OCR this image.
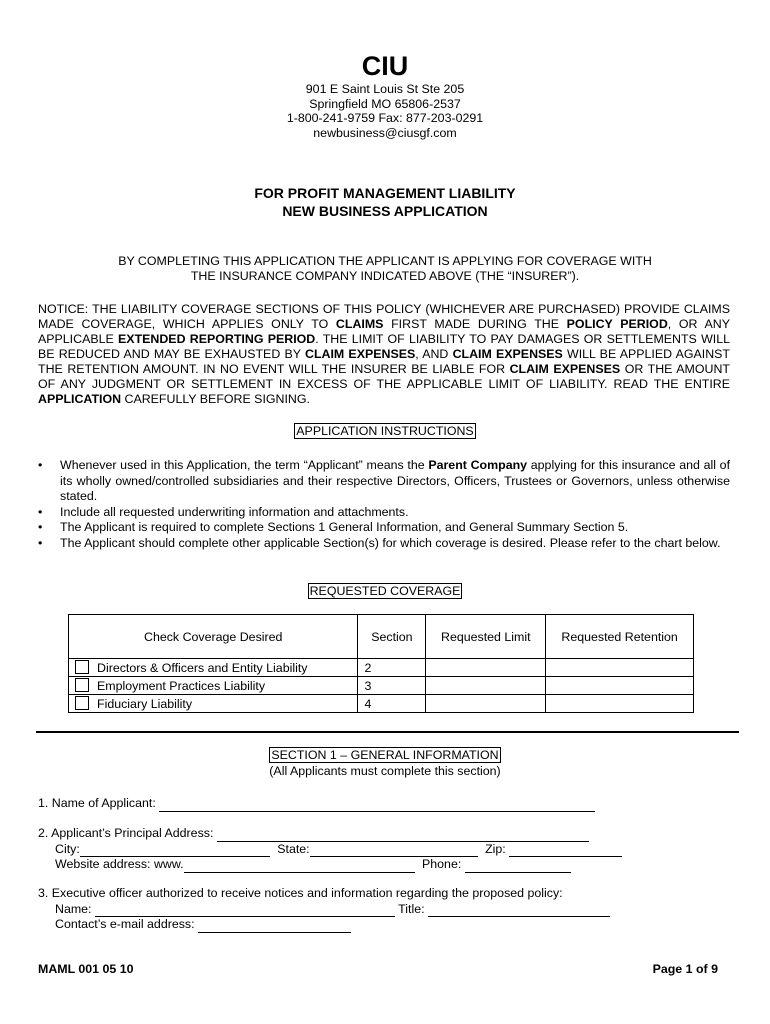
CIU
901 E Saint Louis St Ste 205
Springfield MO 65806-2537
1-800-241-9759 Fax: 877-203-0291
newbusiness@ciusgf.com
FOR PROFIT MANAGEMENT LIABILITY
NEW BUSINESS APPLICATION
BY COMPLETING THIS APPLICATION THE APPLICANT IS APPLYING FOR COVERAGE WITH
THE INSURANCE COMPANY INDICATED ABOVE (THE “INSURER”).
NOTICE: THE LIABILITY COVERAGE SECTIONS OF THIS POLICY (WHICHEVER ARE PURCHASED) PROVIDE CLAIMS MADE COVERAGE, WHICH APPLIES ONLY TO CLAIMS FIRST MADE DURING THE POLICY PERIOD, OR ANY APPLICABLE EXTENDED REPORTING PERIOD. THE LIMIT OF LIABILITY TO PAY DAMAGES OR SETTLEMENTS WILL BE REDUCED AND MAY BE EXHAUSTED BY CLAIM EXPENSES, AND CLAIM EXPENSES WILL BE APPLIED AGAINST THE RETENTION AMOUNT. IN NO EVENT WILL THE INSURER BE LIABLE FOR CLAIM EXPENSES OR THE AMOUNT OF ANY JUDGMENT OR SETTLEMENT IN EXCESS OF THE APPLICABLE LIMIT OF LIABILITY. READ THE ENTIRE APPLICATION CAREFULLY BEFORE SIGNING.
APPLICATION INSTRUCTIONS
• Whenever used in this Application, the term “Applicant” means the Parent Company applying for this insurance and all of its wholly owned/controlled subsidiaries and their respective Directors, Officers, Trustees or Governors, unless otherwise stated.
• Include all requested underwriting information and attachments.
• The Applicant is required to complete Sections 1 General Information, and General Summary Section 5.
• The Applicant should complete other applicable Section(s) for which coverage is desired. Please refer to the chart below.
REQUESTED COVERAGE
Check Coverage Desired	Section	Requested Limit	Requested Retention
Directors & Officers and Entity Liability	2		
Employment Practices Liability	3		
Fiduciary Liability	4		
SECTION 1 – GENERAL INFORMATION
(All Applicants must complete this section)
1. Name of Applicant:
2. Applicant’s Principal Address:
City:	State:	Zip:
Website address: www.	Phone:
3. Executive officer authorized to receive notices and information regarding the proposed policy:
Name:	Title:
Contact’s e-mail address:
MAML 001 05 10	Page 1 of 9
